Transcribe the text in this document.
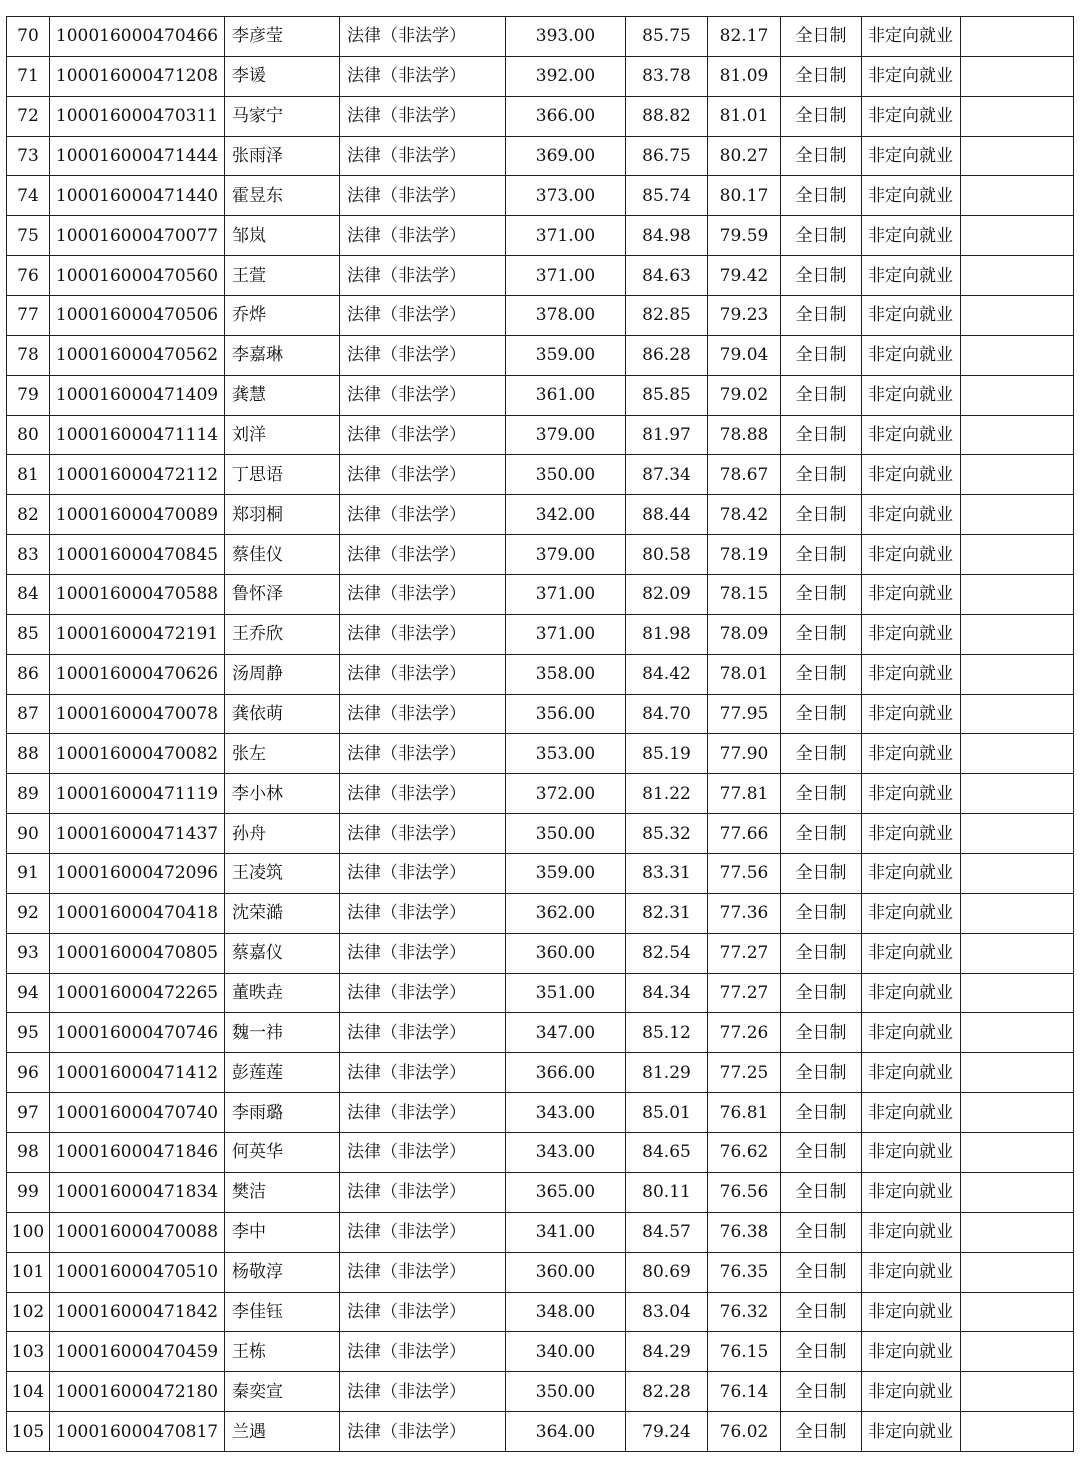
70	100016000470466	李彦莹	法律（非法学）	393.00	85.75	82.17	全日制	非定向就业	
71	100016000471208	李谖	法律（非法学）	392.00	83.78	81.09	全日制	非定向就业	
72	100016000470311	马家宁	法律（非法学）	366.00	88.82	81.01	全日制	非定向就业	
73	100016000471444	张雨泽	法律（非法学）	369.00	86.75	80.27	全日制	非定向就业	
74	100016000471440	霍昱东	法律（非法学）	373.00	85.74	80.17	全日制	非定向就业	
75	100016000470077	邹岚	法律（非法学）	371.00	84.98	79.59	全日制	非定向就业	
76	100016000470560	王萱	法律（非法学）	371.00	84.63	79.42	全日制	非定向就业	
77	100016000470506	乔烨	法律（非法学）	378.00	82.85	79.23	全日制	非定向就业	
78	100016000470562	李嘉琳	法律（非法学）	359.00	86.28	79.04	全日制	非定向就业	
79	100016000471409	龚慧	法律（非法学）	361.00	85.85	79.02	全日制	非定向就业	
80	100016000471114	刘洋	法律（非法学）	379.00	81.97	78.88	全日制	非定向就业	
81	100016000472112	丁思语	法律（非法学）	350.00	87.34	78.67	全日制	非定向就业	
82	100016000470089	郑羽桐	法律（非法学）	342.00	88.44	78.42	全日制	非定向就业	
83	100016000470845	蔡佳仪	法律（非法学）	379.00	80.58	78.19	全日制	非定向就业	
84	100016000470588	鲁怀泽	法律（非法学）	371.00	82.09	78.15	全日制	非定向就业	
85	100016000472191	王乔欣	法律（非法学）	371.00	81.98	78.09	全日制	非定向就业	
86	100016000470626	汤周静	法律（非法学）	358.00	84.42	78.01	全日制	非定向就业	
87	100016000470078	龚依萌	法律（非法学）	356.00	84.70	77.95	全日制	非定向就业	
88	100016000470082	张左	法律（非法学）	353.00	85.19	77.90	全日制	非定向就业	
89	100016000471119	李小林	法律（非法学）	372.00	81.22	77.81	全日制	非定向就业	
90	100016000471437	孙舟	法律（非法学）	350.00	85.32	77.66	全日制	非定向就业	
91	100016000472096	王凌筑	法律（非法学）	359.00	83.31	77.56	全日制	非定向就业	
92	100016000470418	沈荣澔	法律（非法学）	362.00	82.31	77.36	全日制	非定向就业	
93	100016000470805	蔡嘉仪	法律（非法学）	360.00	82.54	77.27	全日制	非定向就业	
94	100016000472265	董昳垚	法律（非法学）	351.00	84.34	77.27	全日制	非定向就业	
95	100016000470746	魏一祎	法律（非法学）	347.00	85.12	77.26	全日制	非定向就业	
96	100016000471412	彭莲莲	法律（非法学）	366.00	81.29	77.25	全日制	非定向就业	
97	100016000470740	李雨璐	法律（非法学）	343.00	85.01	76.81	全日制	非定向就业	
98	100016000471846	何英华	法律（非法学）	343.00	84.65	76.62	全日制	非定向就业	
99	100016000471834	樊洁	法律（非法学）	365.00	80.11	76.56	全日制	非定向就业	
100	100016000470088	李中	法律（非法学）	341.00	84.57	76.38	全日制	非定向就业	
101	100016000470510	杨敬淳	法律（非法学）	360.00	80.69	76.35	全日制	非定向就业	
102	100016000471842	李佳钰	法律（非法学）	348.00	83.04	76.32	全日制	非定向就业	
103	100016000470459	王栋	法律（非法学）	340.00	84.29	76.15	全日制	非定向就业	
104	100016000472180	秦奕宣	法律（非法学）	350.00	82.28	76.14	全日制	非定向就业	
105	100016000470817	兰遇	法律（非法学）	364.00	79.24	76.02	全日制	非定向就业	
